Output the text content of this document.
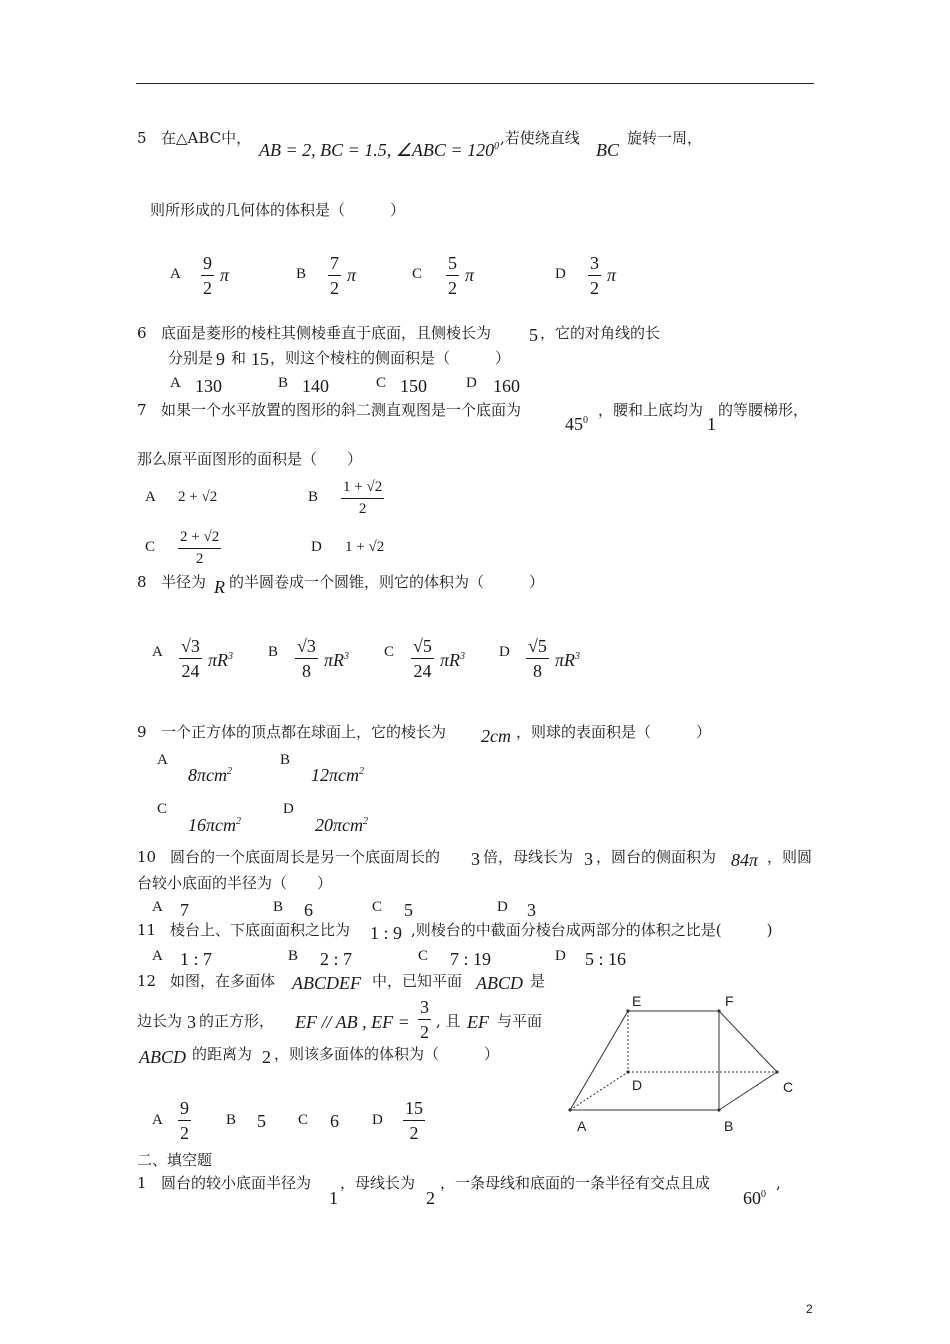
5 在△ABC中，
AB = 2, BC = 1.5, ∠ABC = $120^0$ ,若使绕直线
BC
旋转一周，
则所形成的几何体的体积是（　　　）
A $\frac{9}{2}$ π	B $\frac{7}{2}$ π	C $\frac{5}{2}$ π	D $\frac{3}{2}$ π
6 底面是菱形的棱柱其侧棱垂直于底面，且侧棱长为 5 ，它的对角线的长
分别是 9 和 15 ，则这个棱柱的侧面积是（　　　）
A 130	B 140	C 150	D 160
7 如果一个水平放置的图形的斜二测直观图是一个底面为
$45^0$
，腰和上底均为
1
的等腰梯形，
那么原平面图形的面积是（　　）
A 2 + √2	B $\frac{1 + √2}{2}$
C $\frac{2 + √2}{2}$	D 1 + √2
8 半径为 R 的半圆卷成一个圆锥，则它的体积为（　　　）
A $\frac{√3}{24} \pi R^3$ B $\frac{√3}{8} \pi R^3$ C $\frac{√5}{24} \pi R^3$ D $\frac{√5}{8} \pi R^3$
9 一个正方体的顶点都在球面上，它的棱长为 2cm ，则球的表面积是（　　　）
A
8πcm$^2$
B
12πcm$^2$
C
16πcm$^2$
D
20πcm$^2$
10 圆台的一个底面周长是另一个底面周长的 3 倍，母线长为 3 ，圆台的侧面积为 84π ，则圆
台较小底面的半径为（　　）
A 7	B 6	C 5	D 3
11 棱台上、下底面面积之比为 1 : 9 ,则棱台的中截面分棱台成两部分的体积之比是(　　　)
A 1 : 7	B 2 : 7	C 7 : 19	D 5 : 16
12 如图，在多面体 ABCDEF 中，已知平面 ABCD 是
边长为 3 的正方形， EF // AB , EF = $\frac{3}{2}$ , 且 EF 与平面
ABCD 的距离为 2 ，则该多面体的体积为（　　　）
A $\frac{9}{2}$ B 5 C 6 D $\frac{15}{2}$
E	F
D	C
A	B
二、填空题
1 圆台的较小底面半径为
1
，母线长为
2
，一条母线和底面的一条半径有交点且成
$60^0$
,
2
